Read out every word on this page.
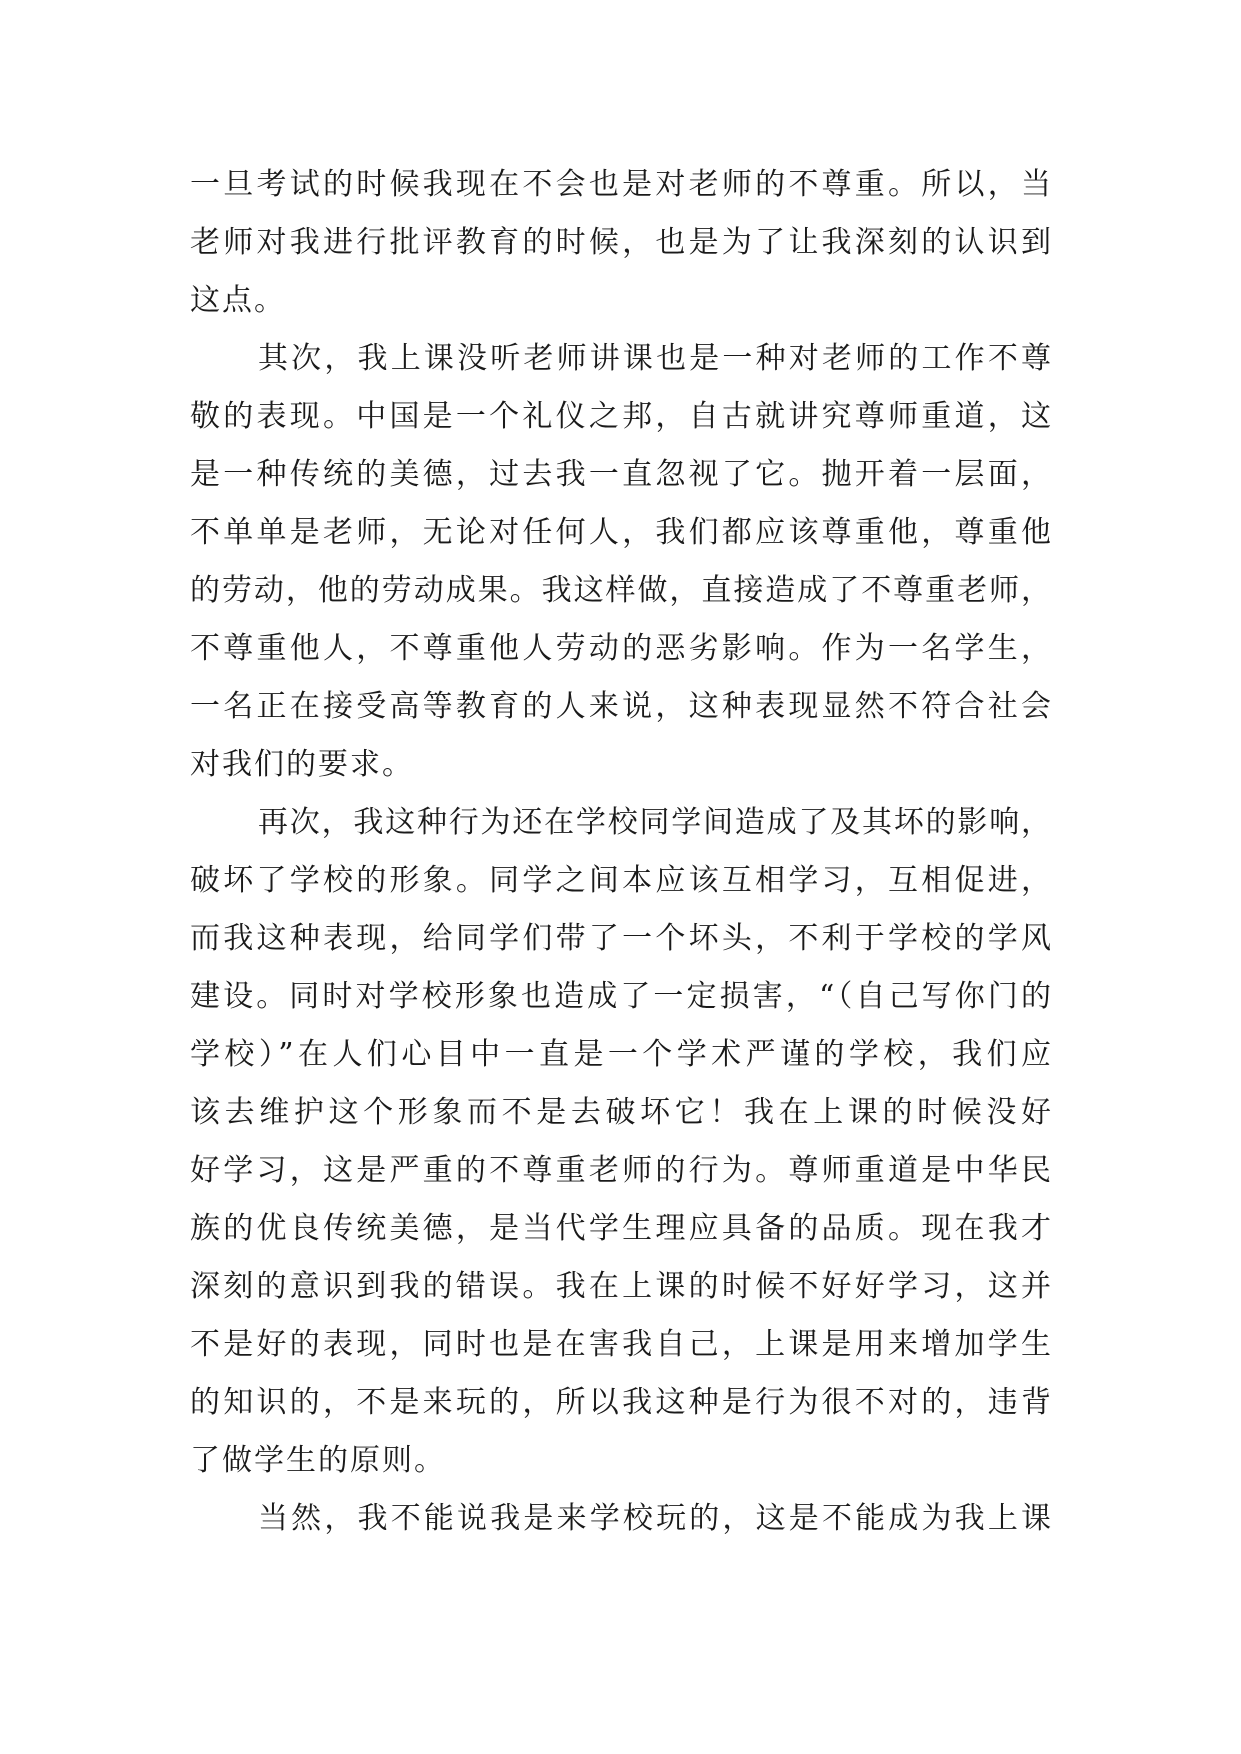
一旦考试的时候我现在不会也是对老师的不尊重。所以，当
老师对我进行批评教育的时候，也是为了让我深刻的认识到
这点。
其次，我上课没听老师讲课也是一种对老师的工作不尊
敬的表现。中国是一个礼仪之邦，自古就讲究尊师重道，这
是一种传统的美德，过去我一直忽视了它。抛开着一层面，
不单单是老师，无论对任何人，我们都应该尊重他，尊重他
的劳动，他的劳动成果。我这样做，直接造成了不尊重老师，
不尊重他人，不尊重他人劳动的恶劣影响。作为一名学生，
一名正在接受高等教育的人来说，这种表现显然不符合社会
对我们的要求。
再次，我这种行为还在学校同学间造成了及其坏的影响，
破坏了学校的形象。同学之间本应该互相学习，互相促进，
而我这种表现，给同学们带了一个坏头，不利于学校的学风
建设。同时对学校形象也造成了一定损害，“（自己写你门的
学校）”在人们心目中一直是一个学术严谨的学校，我们应
该去维护这个形象而不是去破坏它！我在上课的时候没好
好学习，这是严重的不尊重老师的行为。尊师重道是中华民
族的优良传统美德，是当代学生理应具备的品质。现在我才
深刻的意识到我的错误。我在上课的时候不好好学习，这并
不是好的表现，同时也是在害我自己，上课是用来增加学生
的知识的，不是来玩的，所以我这种是行为很不对的，违背
了做学生的原则。
当然，我不能说我是来学校玩的，这是不能成为我上课
